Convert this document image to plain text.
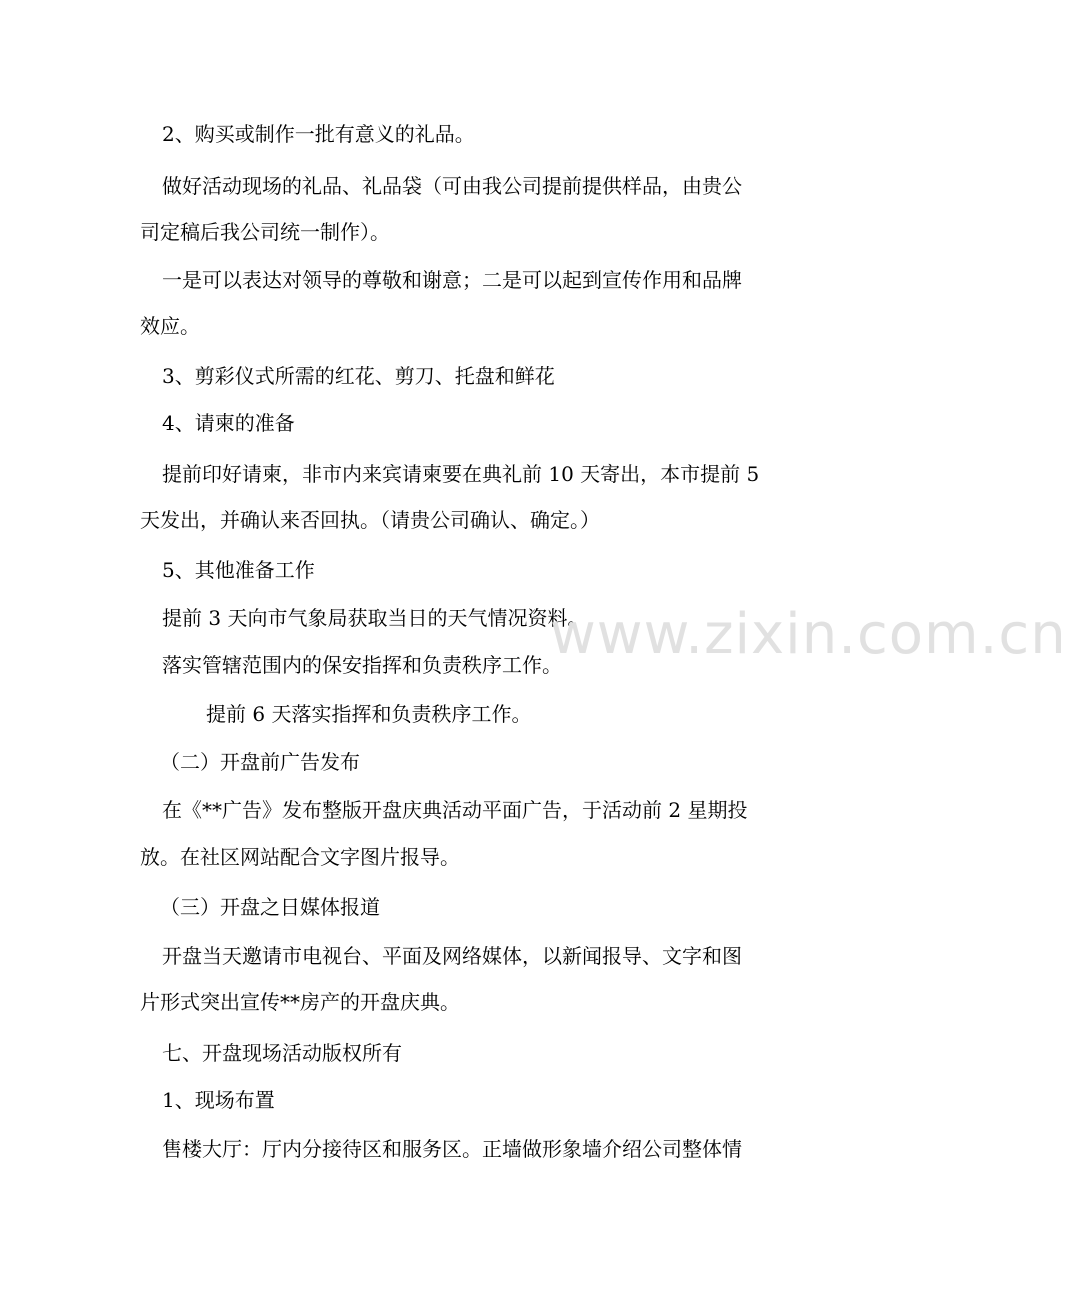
2、购买或制作一批有意义的礼品。
做好活动现场的礼品、礼品袋（可由我公司提前提供样品，由贵公
司定稿后我公司统一制作）。
一是可以表达对领导的尊敬和谢意；二是可以起到宣传作用和品牌
效应。
3、剪彩仪式所需的红花、剪刀、托盘和鲜花
4、请柬的准备
提前印好请柬，非市内来宾请柬要在典礼前 10 天寄出，本市提前 5
天发出，并确认来否回执。（请贵公司确认、确定。）
5、其他准备工作
提前 3 天向市气象局获取当日的天气情况资料。
落实管辖范围内的保安指挥和负责秩序工作。
提前 6 天落实指挥和负责秩序工作。
（二）开盘前广告发布
在《**广告》发布整版开盘庆典活动平面广告，于活动前 2 星期投
放。在社区网站配合文字图片报导。
（三）开盘之日媒体报道
开盘当天邀请市电视台、平面及网络媒体，以新闻报导、文字和图
片形式突出宣传**房产的开盘庆典。
七、开盘现场活动版权所有
1、现场布置
售楼大厅：厅内分接待区和服务区。正墙做形象墙介绍公司整体情
www.zixin.com.cn
